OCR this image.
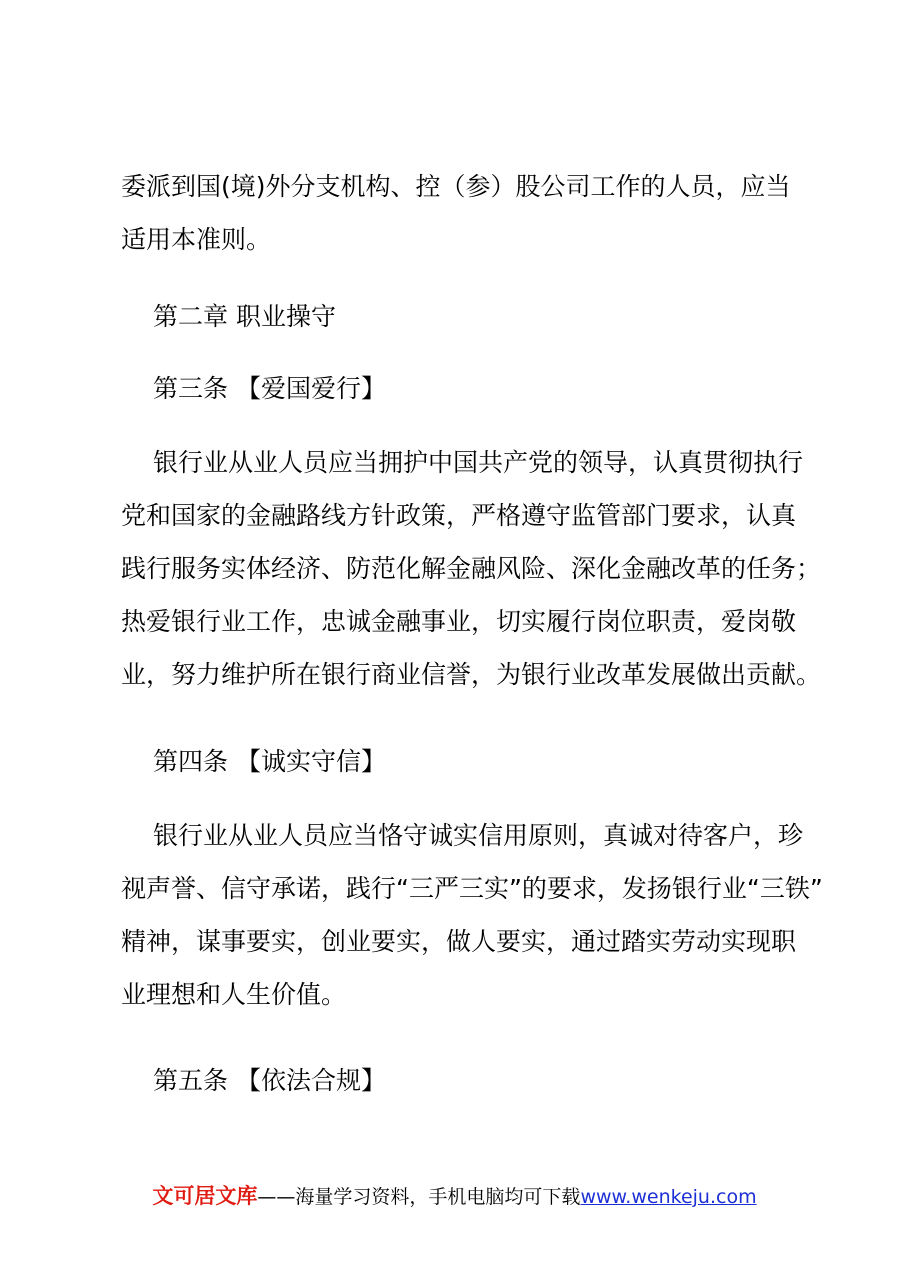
委派到国(境)外分支机构、控（参）股公司工作的人员，应当
适用本准则。

第二章 职业操守

第三条 【爱国爱行】

银行业从业人员应当拥护中国共产党的领导，认真贯彻执行
党和国家的金融路线方针政策，严格遵守监管部门要求，认真
践行服务实体经济、防范化解金融风险、深化金融改革的任务；
热爱银行业工作，忠诚金融事业，切实履行岗位职责，爱岗敬
业，努力维护所在银行商业信誉，为银行业改革发展做出贡献。

第四条 【诚实守信】

银行业从业人员应当恪守诚实信用原则，真诚对待客户，珍
视声誉、信守承诺，践行“三严三实”的要求，发扬银行业“三铁”
精神，谋事要实，创业要实，做人要实，通过踏实劳动实现职
业理想和人生价值。

第五条 【依法合规】

文可居文库——海量学习资料，手机电脑均可下载www.wenkeju.com
